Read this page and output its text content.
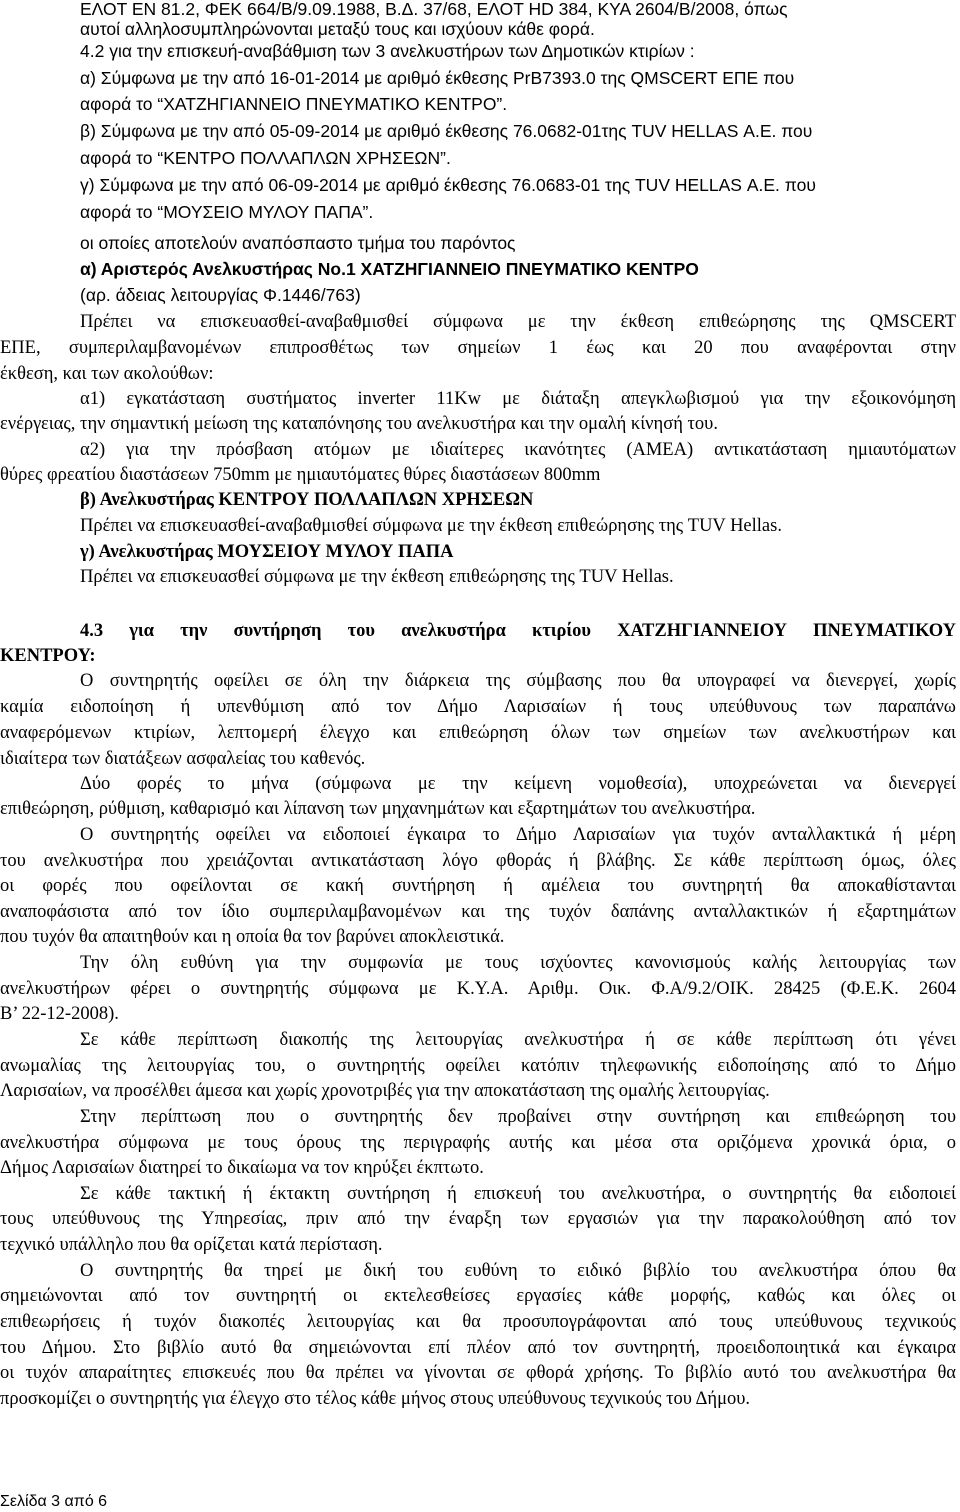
ΕΛΟΤ ΕΝ 81.2, ΦΕΚ 664/Β/9.09.1988, Β.Δ. 37/68, ΕΛΟΤ HD 384, ΚΥΑ 2604/Β/2008, όπως
αυτοί αλληλοσυμπληρώνονται μεταξύ τους και ισχύουν κάθε φορά.
4.2 για την επισκευή-αναβάθμιση των 3 ανελκυστήρων των Δημοτικών κτιρίων :
α) Σύμφωνα με την από 16-01-2014 με αριθμό έκθεσης PrB7393.0 της QMSCERT ΕΠΕ που
αφορά το “ΧΑΤΖΗΓΙΑΝΝΕΙΟ ΠΝΕΥΜΑΤΙΚΟ ΚΕΝΤΡΟ”.
β) Σύμφωνα με την από 05-09-2014 με αριθμό έκθεσης 76.0682-01της TUV HELLAS Α.Ε. που
αφορά το “ΚΕΝΤΡΟ ΠΟΛΛΑΠΛΩΝ ΧΡΗΣΕΩΝ”.
γ) Σύμφωνα με την από 06-09-2014 με αριθμό έκθεσης 76.0683-01 της TUV HELLAS Α.Ε. που
αφορά το “ΜΟΥΣΕΙΟ ΜΥΛΟΥ ΠΑΠΑ”.
οι οποίες αποτελούν αναπόσπαστο τμήμα του παρόντος
α) Αριστερός Ανελκυστήρας Νο.1 ΧΑΤΖΗΓΙΑΝΝΕΙΟ ΠΝΕΥΜΑΤΙΚΟ ΚΕΝΤΡΟ
(αρ. άδειας λειτουργίας Φ.1446/763)
Πρέπει να επισκευασθεί-αναβαθμισθεί σύμφωνα με την έκθεση επιθεώρησης της QMSCERT
ΕΠΕ, συμπεριλαμβανομένων επιπροσθέτως των σημείων 1 έως και 20 που αναφέρονται στην
έκθεση, και των ακολούθων:
α1) εγκατάσταση συστήματος inverter 11Kw με διάταξη απεγκλωβισμού για την εξοικονόμηση
ενέργειας, την σημαντική μείωση της καταπόνησης του ανελκυστήρα και την ομαλή κίνησή του.
α2) για την πρόσβαση ατόμων με ιδιαίτερες ικανότητες (ΑΜΕΑ) αντικατάσταση ημιαυτόματων
θύρες φρεατίου διαστάσεων 750mm με ημιαυτόματες θύρες διαστάσεων 800mm
β) Ανελκυστήρας ΚΕΝΤΡΟΥ ΠΟΛΛΑΠΛΩΝ ΧΡΗΣΕΩΝ
Πρέπει να επισκευασθεί-αναβαθμισθεί σύμφωνα με την έκθεση επιθεώρησης της TUV Hellas.
γ) Ανελκυστήρας ΜΟΥΣΕΙΟΥ ΜΥΛΟΥ ΠΑΠΑ
Πρέπει να επισκευασθεί σύμφωνα με την έκθεση επιθεώρησης της TUV Hellas.
4.3 για την συντήρηση του ανελκυστήρα κτιρίου ΧΑΤΖΗΓΙΑΝΝΕΙΟΥ ΠΝΕΥΜΑΤΙΚΟΥ
ΚΕΝΤΡΟΥ:
Ο συντηρητής οφείλει σε όλη την διάρκεια της σύμβασης που θα υπογραφεί να διενεργεί, χωρίς
καμία ειδοποίηση ή υπενθύμιση από τον Δήμο Λαρισαίων ή τους υπεύθυνους των παραπάνω
αναφερόμενων κτιρίων, λεπτομερή έλεγχο και επιθεώρηση όλων των σημείων των ανελκυστήρων και
ιδιαίτερα των διατάξεων ασφαλείας του καθενός.
Δύο φορές το μήνα (σύμφωνα με την κείμενη νομοθεσία), υποχρεώνεται να διενεργεί
επιθεώρηση, ρύθμιση, καθαρισμό και λίπανση των μηχανημάτων και εξαρτημάτων του ανελκυστήρα.
Ο συντηρητής οφείλει να ειδοποιεί έγκαιρα το Δήμο Λαρισαίων για τυχόν ανταλλακτικά ή μέρη
του ανελκυστήρα που χρειάζονται αντικατάσταση λόγο φθοράς ή βλάβης. Σε κάθε περίπτωση όμως, όλες
οι φορές που οφείλονται σε κακή συντήρηση ή αμέλεια του συντηρητή θα αποκαθίστανται
αναποφάσιστα από τον ίδιο συμπεριλαμβανομένων και της τυχόν δαπάνης ανταλλακτικών ή εξαρτημάτων
που τυχόν θα απαιτηθούν και η οποία θα τον βαρύνει αποκλειστικά.
Την όλη ευθύνη για την συμφωνία με τους ισχύοντες κανονισμούς καλής λειτουργίας των
ανελκυστήρων φέρει ο συντηρητής σύμφωνα με Κ.Υ.Α. Αριθμ. Οικ. Φ.Α/9.2/ΟΙΚ. 28425 (Φ.Ε.Κ. 2604
Β’ 22-12-2008).
Σε κάθε περίπτωση διακοπής της λειτουργίας ανελκυστήρα ή σε κάθε περίπτωση ότι γένει
ανωμαλίας της λειτουργίας του, ο συντηρητής οφείλει κατόπιν τηλεφωνικής ειδοποίησης από το Δήμο
Λαρισαίων, να προσέλθει άμεσα και χωρίς χρονοτριβές για την αποκατάσταση της ομαλής λειτουργίας.
Στην περίπτωση που ο συντηρητής δεν προβαίνει στην συντήρηση και επιθεώρηση του
ανελκυστήρα σύμφωνα με τους όρους της περιγραφής αυτής και μέσα στα οριζόμενα χρονικά όρια, ο
Δήμος Λαρισαίων διατηρεί το δικαίωμα να τον κηρύξει έκπτωτο.
Σε κάθε τακτική ή έκτακτη συντήρηση ή επισκευή του ανελκυστήρα, ο συντηρητής θα ειδοποιεί
τους υπεύθυνους της Υπηρεσίας, πριν από την έναρξη των εργασιών για την παρακολούθηση από τον
τεχνικό υπάλληλο που θα ορίζεται κατά περίσταση.
Ο συντηρητής θα τηρεί με δική του ευθύνη το ειδικό βιβλίο του ανελκυστήρα όπου θα
σημειώνονται από τον συντηρητή οι εκτελεσθείσες εργασίες κάθε μορφής, καθώς και όλες οι
επιθεωρήσεις ή τυχόν διακοπές λειτουργίας και θα προσυπογράφονται από τους υπεύθυνους τεχνικούς
του Δήμου. Στο βιβλίο αυτό θα σημειώνονται επί πλέον από τον συντηρητή, προειδοποιητικά και έγκαιρα
οι τυχόν απαραίτητες επισκευές που θα πρέπει να γίνονται σε φθορά χρήσης. Το βιβλίο αυτό του ανελκυστήρα θα
προσκομίζει ο συντηρητής για έλεγχο στο τέλος κάθε μήνος στους υπεύθυνους τεχνικούς του Δήμου.
Σελίδα 3 από 6
